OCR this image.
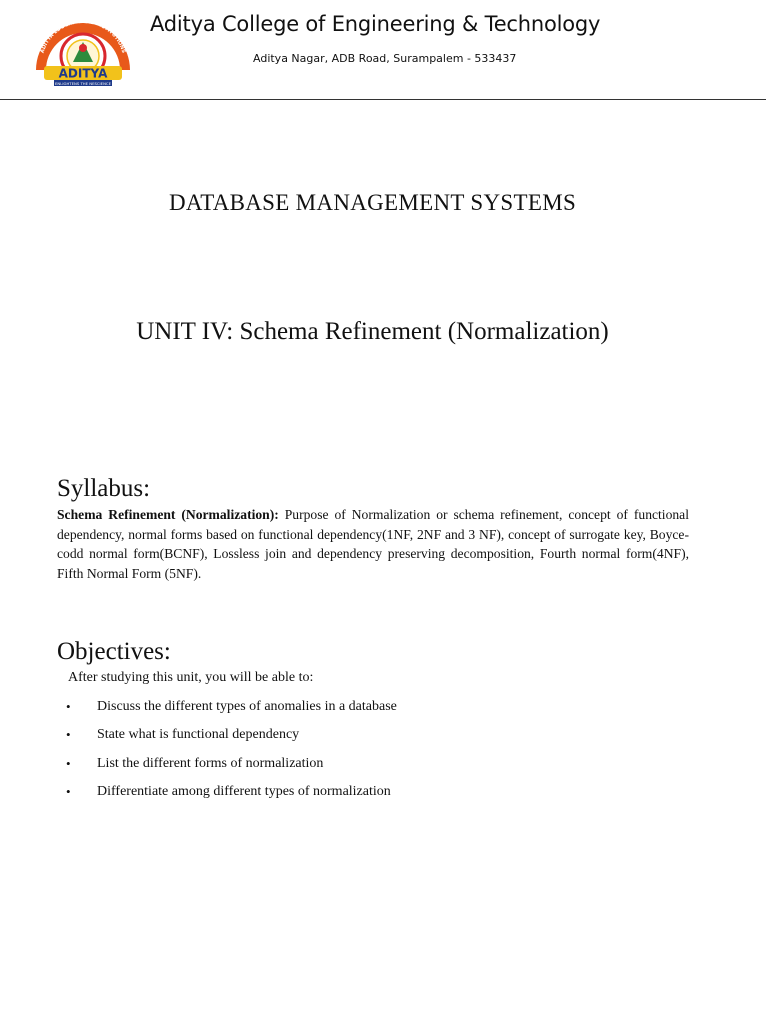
ADITYA EDUCATIONAL INSTITUTIONS
ADITYA
ENLIGHTENS THE NESCIENCE
Aditya College of Engineering & Technology
Aditya Nagar, ADB Road, Surampalem - 533437
DATABASE MANAGEMENT SYSTEMS
UNIT IV: Schema Refinement (Normalization)
Syllabus:
Schema Refinement (Normalization): Purpose of Normalization or schema refinement, concept of functional dependency, normal forms based on functional dependency(1NF, 2NF and 3 NF), concept of surrogate key, Boyce-codd normal form(BCNF), Lossless join and dependency preserving decomposition, Fourth normal form(4NF), Fifth Normal Form (5NF).
Objectives:
After studying this unit, you will be able to:
• Discuss the different types of anomalies in a database
• State what is functional dependency
• List the different forms of normalization
• Differentiate among different types of normalization
